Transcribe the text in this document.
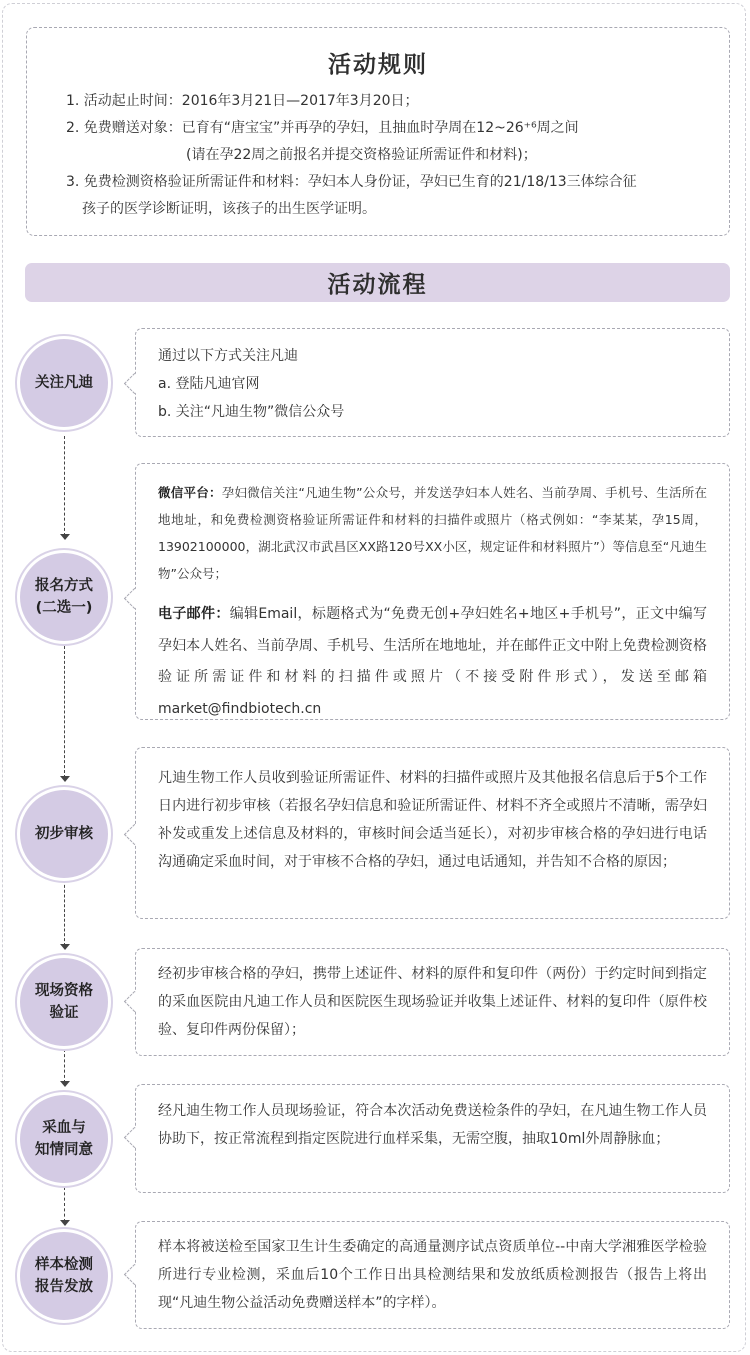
活动规则
1. 活动起止时间：2016年3月21日—2017年3月20日；
2. 免费赠送对象：已育有“唐宝宝”并再孕的孕妇，且抽血时孕周在12~26⁺⁶周之间
(请在孕22周之前报名并提交资格验证所需证件和材料)；
3. 免费检测资格验证所需证件和材料：孕妇本人身份证，孕妇已生育的21/18/13三体综合征
孩子的医学诊断证明，该孩子的出生医学证明。
活动流程
关注凡迪
通过以下方式关注凡迪
a. 登陆凡迪官网
b. 关注“凡迪生物”微信公众号
报名方式
(二选一)
微信平台：孕妇微信关注“凡迪生物”公众号，并发送孕妇本人姓名、当前孕周、手机号、生活所在地地址，和免费检测资格验证所需证件和材料的扫描件或照片（格式例如：“李某某，孕15周，13902100000，湖北武汉市武昌区XX路120号XX小区，规定证件和材料照片”）等信息至“凡迪生物”公众号；
电子邮件：编辑Email，标题格式为“免费无创+孕妇姓名+地区+手机号”，正文中编写孕妇本人姓名、当前孕周、手机号、生活所在地地址，并在邮件正文中附上免费检测资格验证所需证件和材料的扫描件或照片（不接受附件形式），发送至邮箱market@findbiotech.cn
初步审核
凡迪生物工作人员收到验证所需证件、材料的扫描件或照片及其他报名信息后于5个工作日内进行初步审核（若报名孕妇信息和验证所需证件、材料不齐全或照片不清晰，需孕妇补发或重发上述信息及材料的，审核时间会适当延长），对初步审核合格的孕妇进行电话沟通确定采血时间，对于审核不合格的孕妇，通过电话通知，并告知不合格的原因；
现场资格
验证
经初步审核合格的孕妇，携带上述证件、材料的原件和复印件（两份）于约定时间到指定的采血医院由凡迪工作人员和医院医生现场验证并收集上述证件、材料的复印件（原件校验、复印件两份保留）；
采血与
知情同意
经凡迪生物工作人员现场验证，符合本次活动免费送检条件的孕妇，在凡迪生物工作人员协助下，按正常流程到指定医院进行血样采集，无需空腹，抽取10ml外周静脉血；
样本检测
报告发放
样本将被送检至国家卫生计生委确定的高通量测序试点资质单位--中南大学湘雅医学检验所进行专业检测，采血后10个工作日出具检测结果和发放纸质检测报告（报告上将出现“凡迪生物公益活动免费赠送样本”的字样）。
